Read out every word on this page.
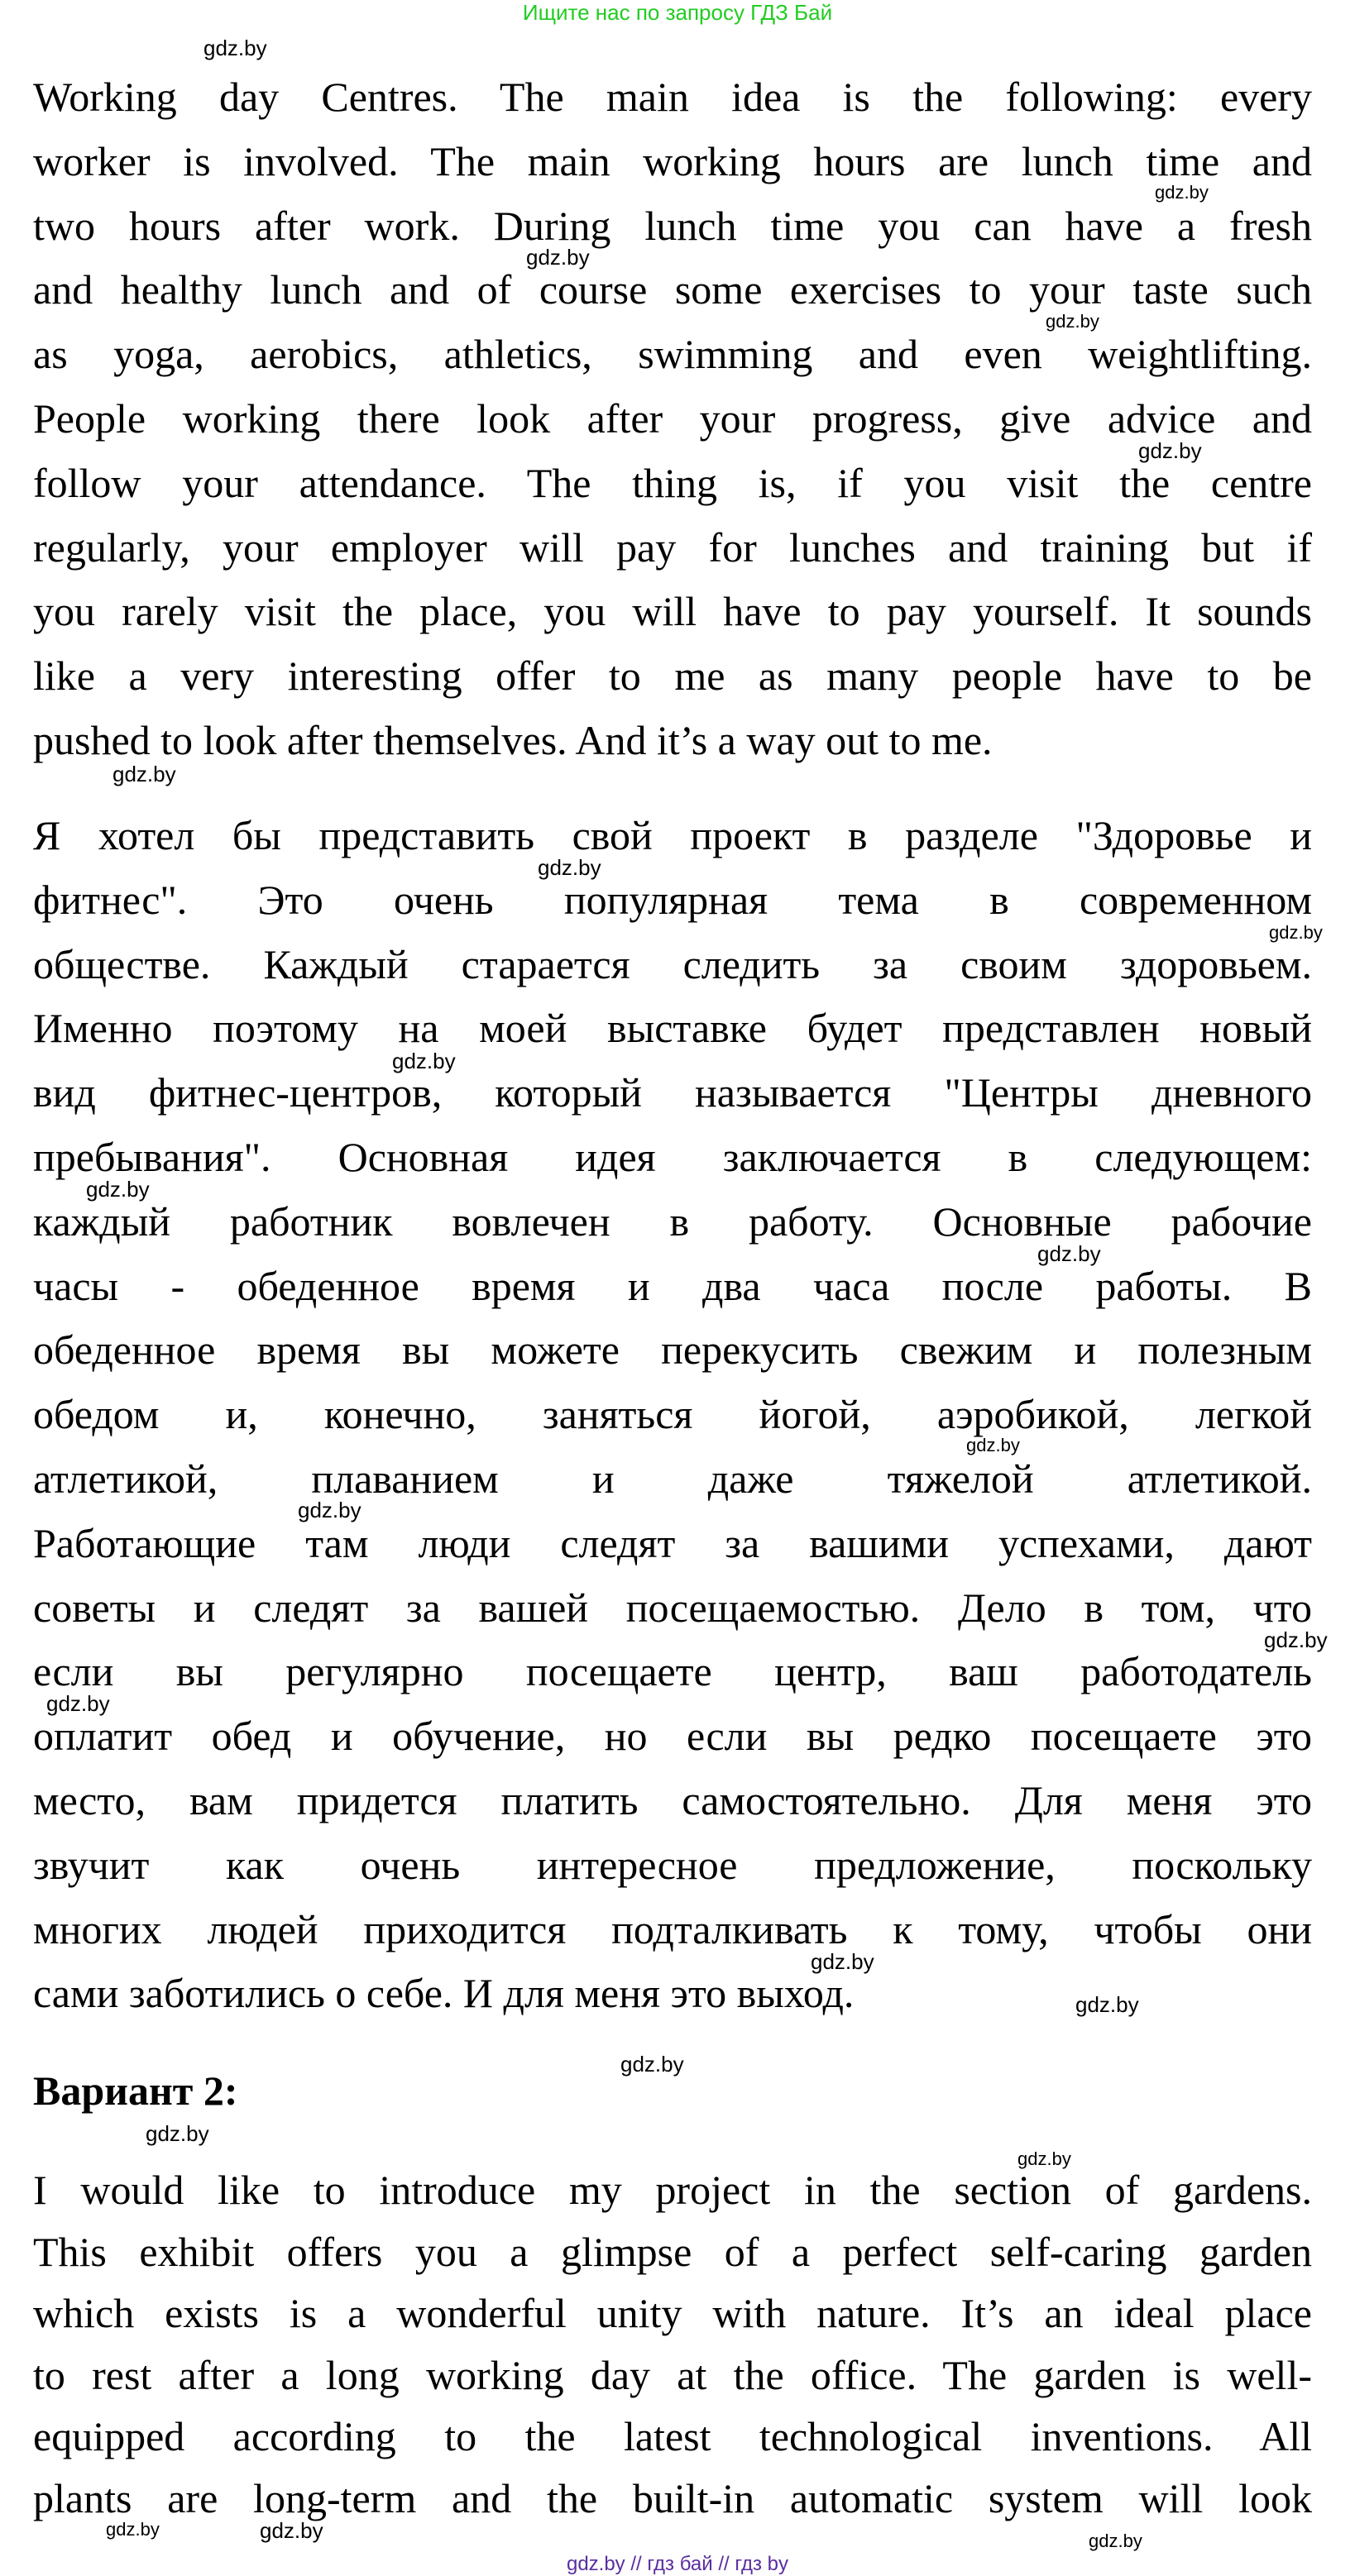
Ищите нас по запросу ГДЗ Бай
Вариант 2:
Working day Centres. The main idea is the following: every
worker is involved. The main working hours are lunch time and
two hours after work. During lunch time you can have a fresh
and healthy lunch and of course some exercises to your taste such
as yoga, aerobics, athletics, swimming and even weightlifting.
People working there look after your progress, give advice and
follow your attendance. The thing is, if you visit the centre
regularly, your employer will pay for lunches and training but if
you rarely visit the place, you will have to pay yourself. It sounds
like a very interesting offer to me as many people have to be
pushed to look after themselves. And it’s a way out to me.
Я хотел бы представить свой проект в разделе "Здоровье и
фитнес". Это очень популярная тема в современном
обществе. Каждый старается следить за своим здоровьем.
Именно поэтому на моей выставке будет представлен новый
вид фитнес-центров, который называется "Центры дневного
пребывания". Основная идея заключается в следующем:
каждый работник вовлечен в работу. Основные рабочие
часы - обеденное время и два часа после работы. В
обеденное время вы можете перекусить свежим и полезным
обедом и, конечно, заняться йогой, аэробикой, легкой
атлетикой, плаванием и даже тяжелой атлетикой.
Работающие там люди следят за вашими успехами, дают
советы и следят за вашей посещаемостью. Дело в том, что
если вы регулярно посещаете центр, ваш работодатель
оплатит обед и обучение, но если вы редко посещаете это
место, вам придется платить самостоятельно. Для меня это
звучит как очень интересное предложение, поскольку
многих людей приходится подталкивать к тому, чтобы они
сами заботились о себе. И для меня это выход.
I would like to introduce my project in the section of gardens.
This exhibit offers you a glimpse of a perfect self-caring garden
which exists is a wonderful unity with nature. It’s an ideal place
to rest after a long working day at the office. The garden is well-
equipped according to the latest technological inventions. All
plants are long-term and the built-in automatic system will look
gdz.by
gdz.by
gdz.by
gdz.by
gdz.by
gdz.by
gdz.by
gdz.by
gdz.by
gdz.by
gdz.by
gdz.by
gdz.by
gdz.by
gdz.by
gdz.by
gdz.by
gdz.by
gdz.by
gdz.by
gdz.by	gdz.by	gdz.by
gdz.by // гдз бай // гдз by
